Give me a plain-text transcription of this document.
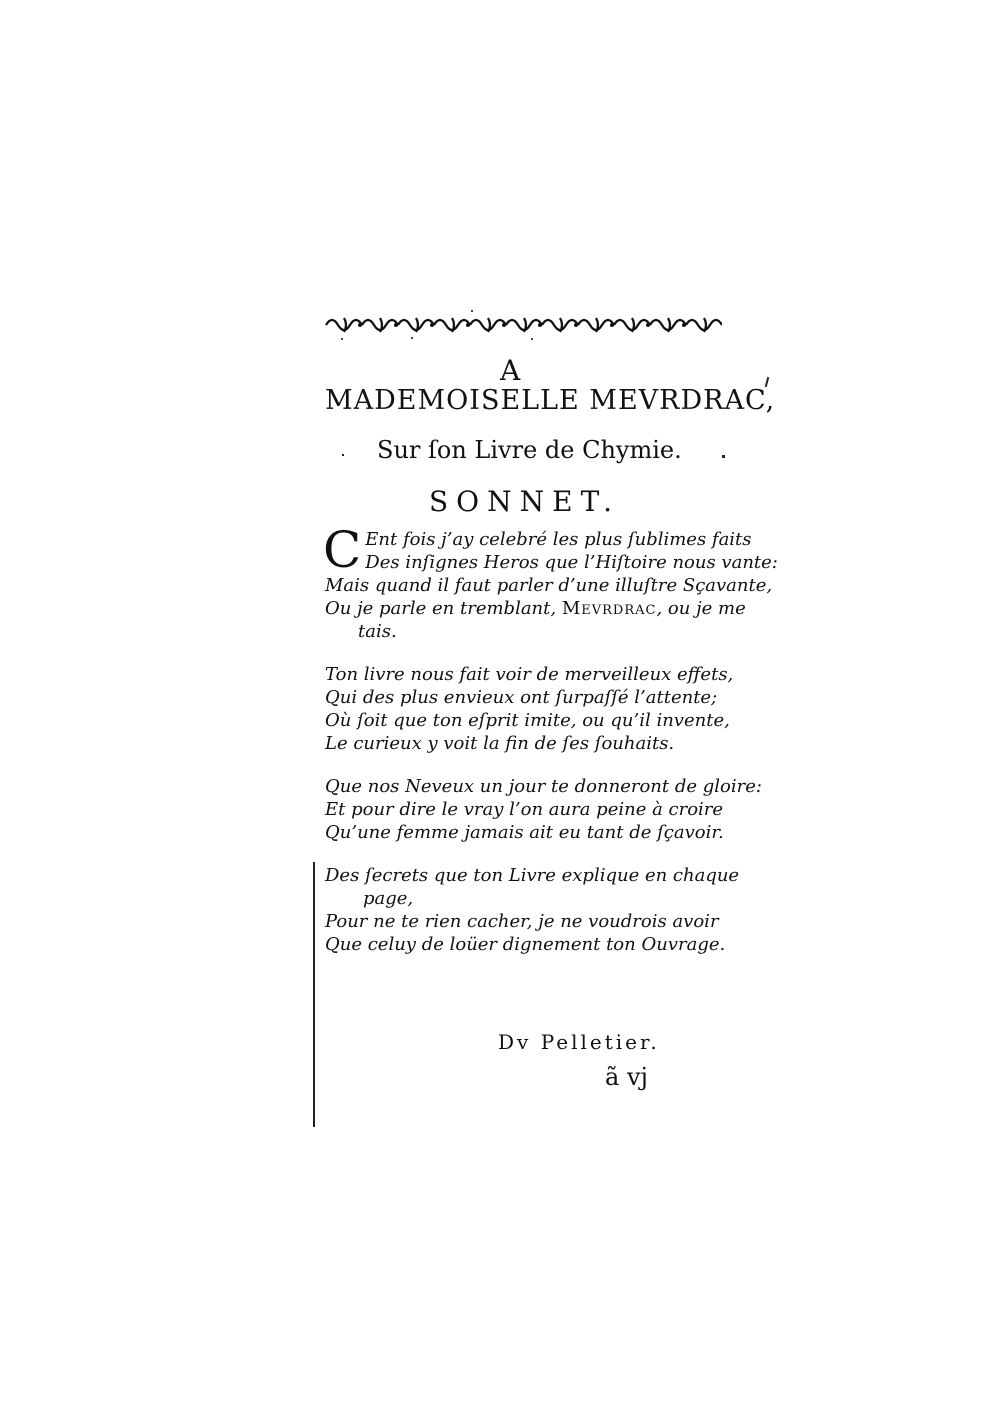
A
MADEMOISELLE MEVRDRAC,
Sur ſon Livre de Chymie.
SONNET.
C Ent fois j’ay celebré les plus ſublimes faits
Des inſignes Heros que l’Hiſtoire nous vante:
Mais quand il faut parler d’une illuſtre Sçavante,
Ou je parle en tremblant, Mevrdrac, ou je me
tais.
Ton livre nous fait voir de merveilleux effets,
Qui des plus envieux ont ſurpaſſé l’attente;
Où ſoit que ton eſprit imite, ou qu’il invente,
Le curieux y voit la fin de ſes ſouhaits.
Que nos Neveux un jour te donneront de gloire:
Et pour dire le vray l’on aura peine à croire
Qu’une femme jamais ait eu tant de ſçavoir.
Des ſecrets que ton Livre explique en chaque
page,
Pour ne te rien cacher, je ne voudrois avoir
Que celuy de loüer dignement ton Ouvrage.
Dv Pelletier.
ã vj
